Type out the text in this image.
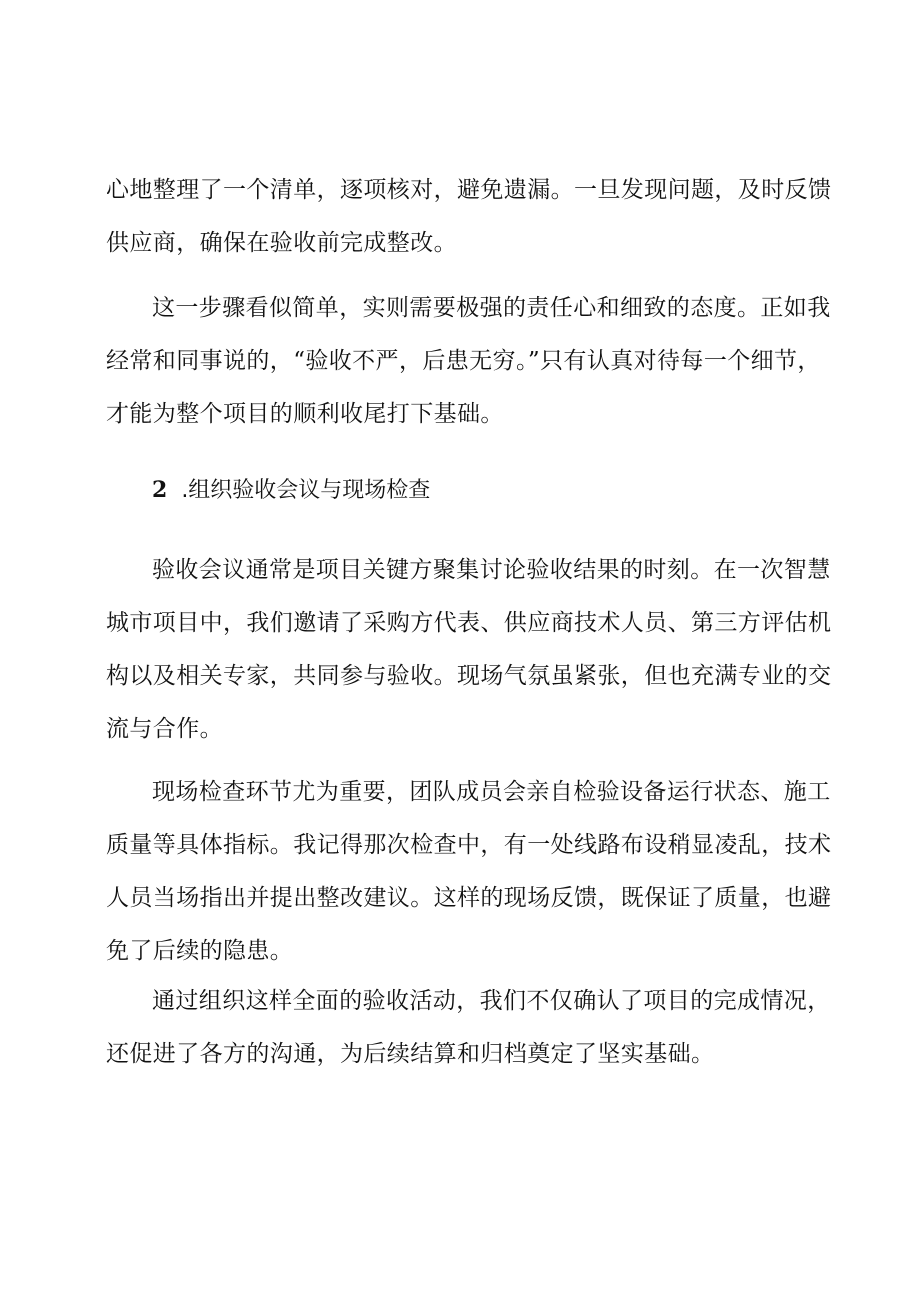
心地整理了一个清单，逐项核对，避免遗漏。一旦发现问题，及时反馈
供应商，确保在验收前完成整改。

这一步骤看似简单，实则需要极强的责任心和细致的态度。正如我
经常和同事说的，“验收不严，后患无穷。”只有认真对待每一个细节，
才能为整个项目的顺利收尾打下基础。

2 .组织验收会议与现场检查

验收会议通常是项目关键方聚集讨论验收结果的时刻。在一次智慧
城市项目中，我们邀请了采购方代表、供应商技术人员、第三方评估机
构以及相关专家，共同参与验收。现场气氛虽紧张，但也充满专业的交
流与合作。

现场检查环节尤为重要，团队成员会亲自检验设备运行状态、施工
质量等具体指标。我记得那次检查中，有一处线路布设稍显凌乱，技术
人员当场指出并提出整改建议。这样的现场反馈，既保证了质量，也避
免了后续的隐患。

通过组织这样全面的验收活动，我们不仅确认了项目的完成情况，
还促进了各方的沟通，为后续结算和归档奠定了坚实基础。
